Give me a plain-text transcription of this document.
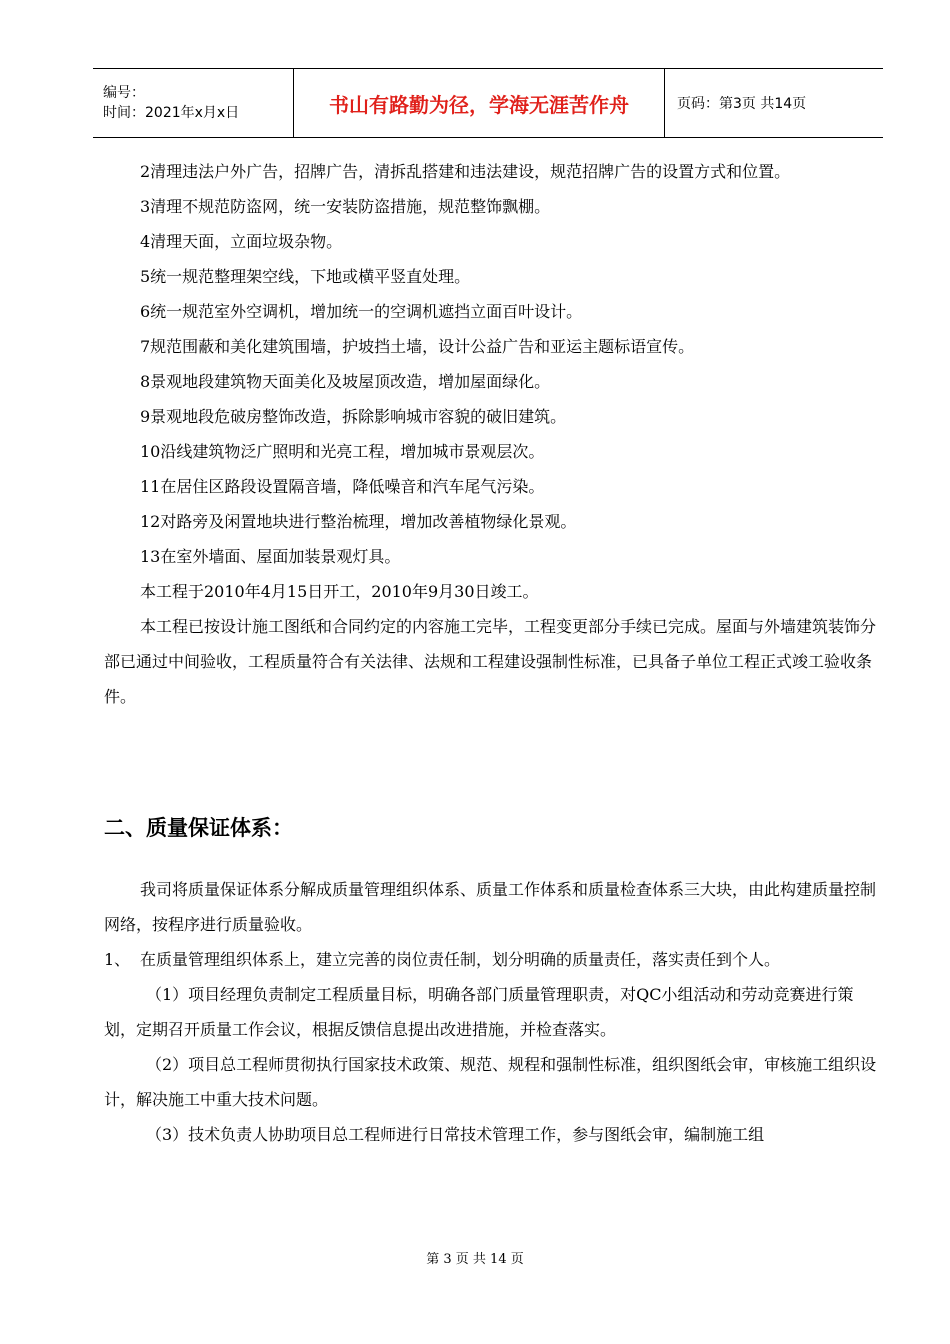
编号：
时间：2021年x月x日	书山有路勤为径，学海无涯苦作舟	页码：第3页 共14页

2清理违法户外广告，招牌广告，清拆乱搭建和违法建设，规范招牌广告的设置方式和位置。

3清理不规范防盗网，统一安装防盗措施，规范整饰飘棚。

4清理天面，立面垃圾杂物。

5统一规范整理架空线，下地或横平竖直处理。

6统一规范室外空调机，增加统一的空调机遮挡立面百叶设计。

7规范围蔽和美化建筑围墙，护坡挡土墙，设计公益广告和亚运主题标语宣传。

8景观地段建筑物天面美化及坡屋顶改造，增加屋面绿化。

9景观地段危破房整饰改造，拆除影响城市容貌的破旧建筑。

10沿线建筑物泛广照明和光亮工程，增加城市景观层次。

11在居住区路段设置隔音墙，降低噪音和汽车尾气污染。

12对路旁及闲置地块进行整治梳理，增加改善植物绿化景观。

13在室外墙面、屋面加装景观灯具。

本工程于2010年4月15日开工，2010年9月30日竣工。

本工程已按设计施工图纸和合同约定的内容施工完毕，工程变更部分手续已完成。屋面与外墙建筑装饰分部已通过中间验收，工程质量符合有关法律、法规和工程建设强制性标准，已具备子单位工程正式竣工验收条件。

二、质量保证体系：

我司将质量保证体系分解成质量管理组织体系、质量工作体系和质量检查体系三大块，由此构建质量控制网络，按程序进行质量验收。

1、 在质量管理组织体系上，建立完善的岗位责任制，划分明确的质量责任，落实责任到个人。

（1）项目经理负责制定工程质量目标，明确各部门质量管理职责，对QC小组活动和劳动竞赛进行策划，定期召开质量工作会议，根据反馈信息提出改进措施，并检查落实。

（2）项目总工程师贯彻执行国家技术政策、规范、规程和强制性标准，组织图纸会审，审核施工组织设计，解决施工中重大技术问题。

（3）技术负责人协助项目总工程师进行日常技术管理工作，参与图纸会审，编制施工组

第 3 页 共 14 页
